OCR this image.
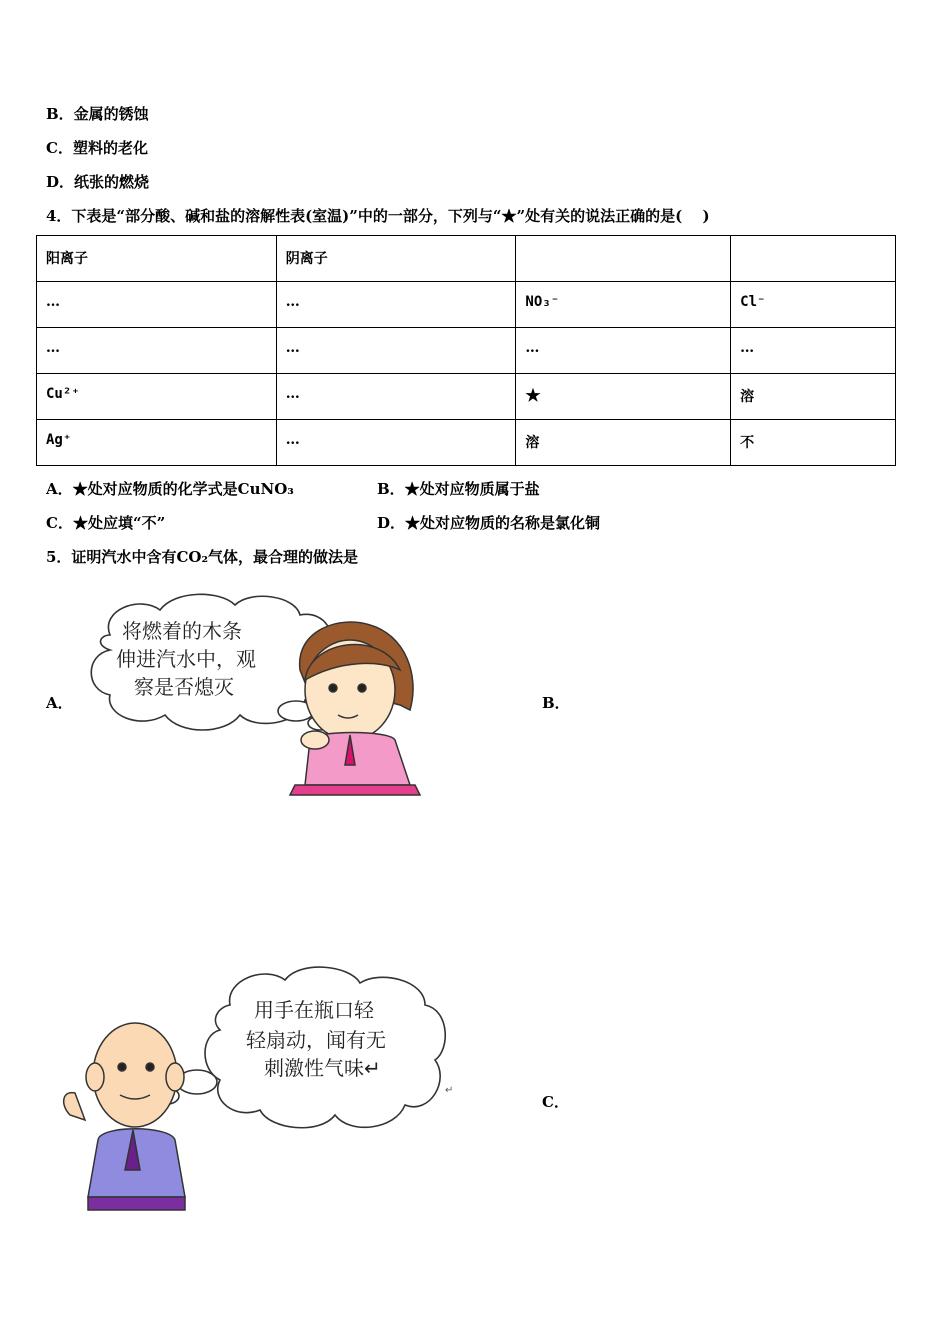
B．金属的锈蚀
C．塑料的老化
D．纸张的燃烧
4．下表是“部分酸、碱和盐的溶解性表(室温)”中的一部分，下列与“★”处有关的说法正确的是(　 )
阳离子	阴离子		
…	…	NO₃⁻	Cl⁻
…	…	…	…
Cu²⁺	…	★	溶
Ag⁺	…	溶	不
A．★处对应物质的化学式是CuNO₃	B．★处对应物质属于盐
C．★处应填“不”	D．★处对应物质的名称是氯化铜
5．证明汽水中含有CO₂气体，最合理的做法是
A．	B．
C．
将燃着的木条
伸进汽水中，观
察是否熄灭
用手在瓶口轻
轻扇动，闻有无
刺激性气味↵
↵
